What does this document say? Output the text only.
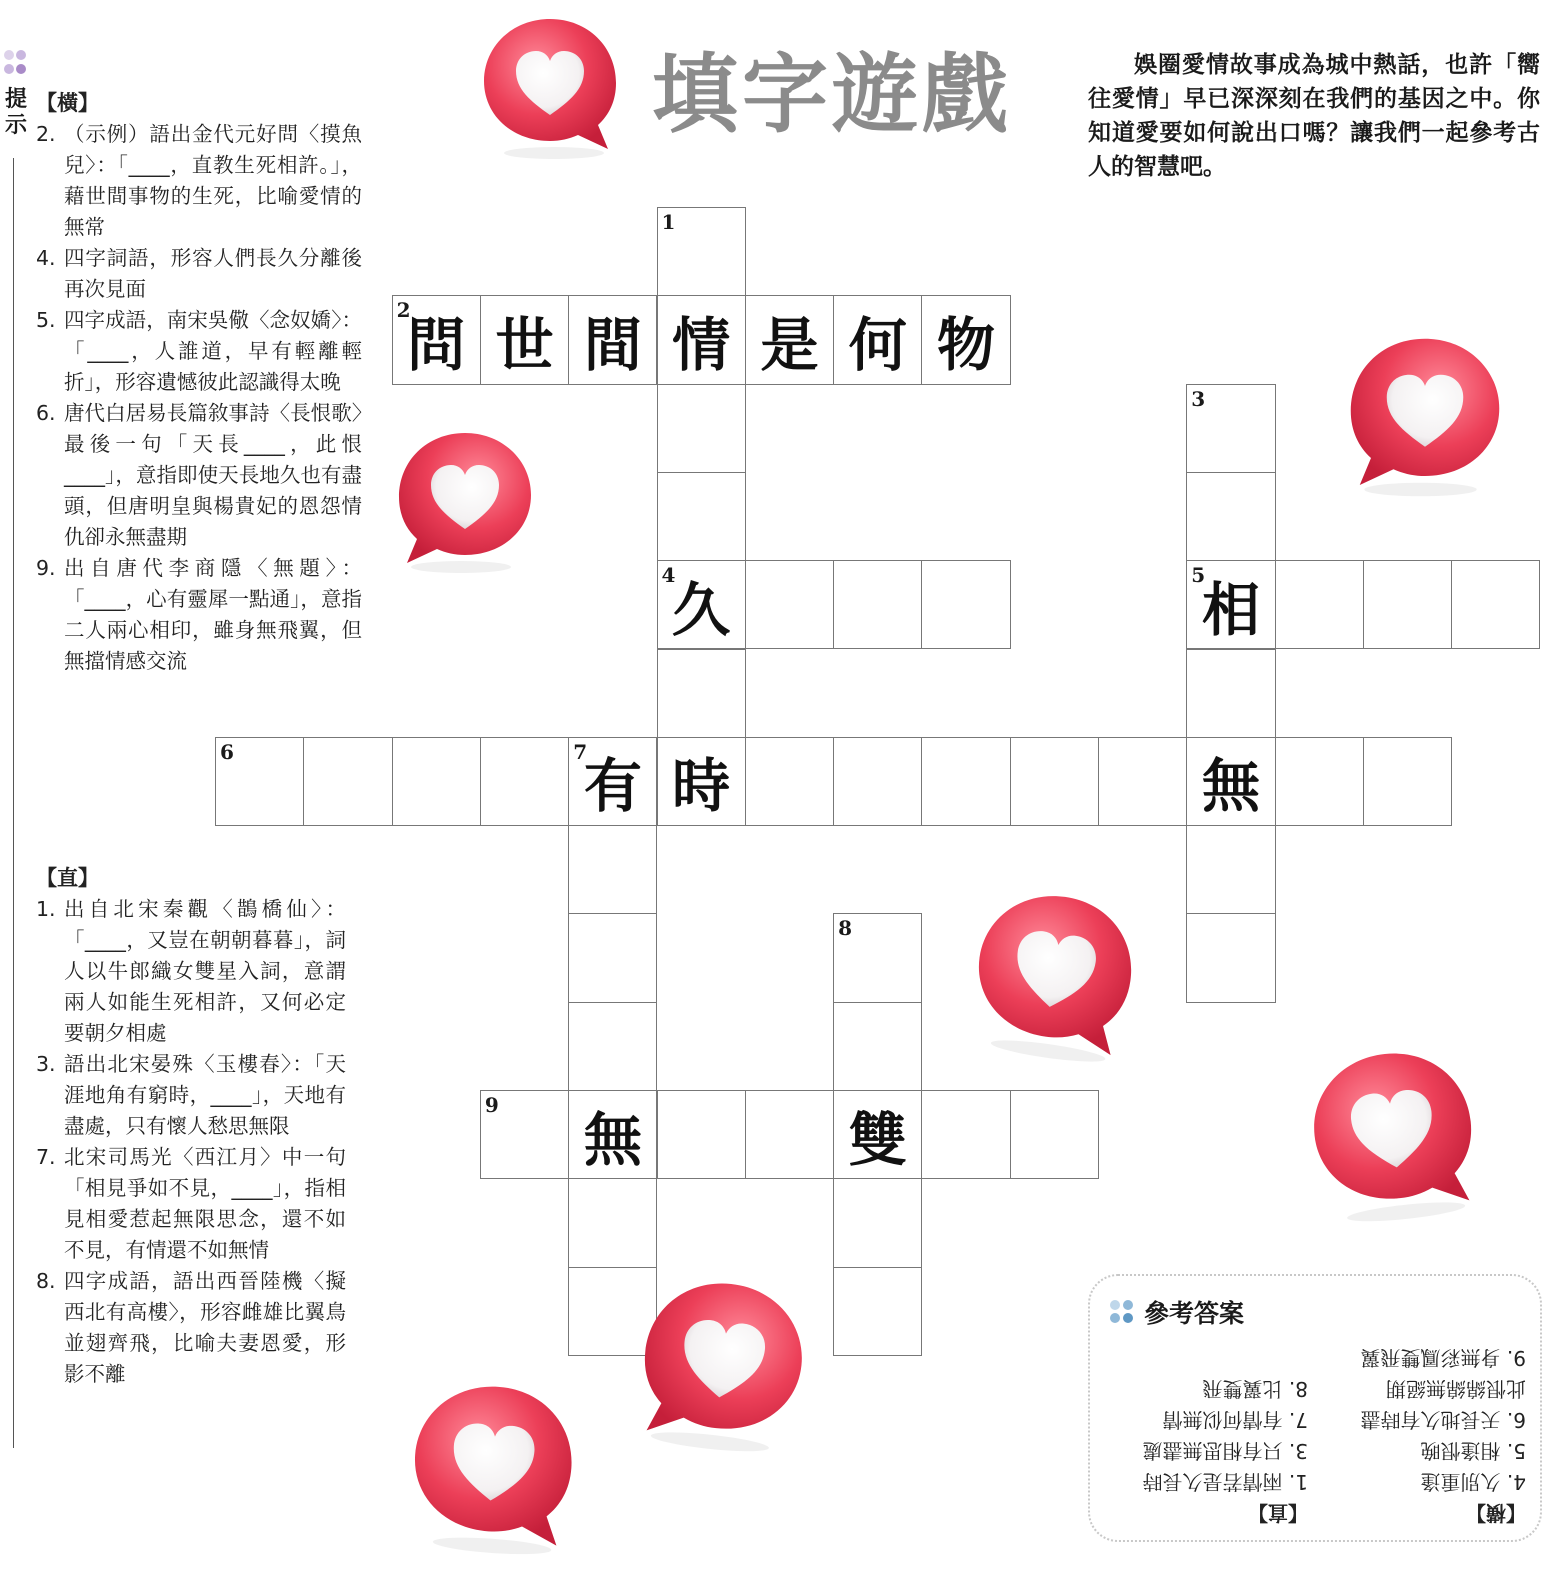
提示
【橫】
2. （示例）語出金代元好問〈摸魚兒〉：「____，直教生死相許。」，藉世間事物的生死，比喻愛情的無常
4. 四字詞語，形容人們長久分離後再次見面
5. 四字成語，南宋吳儆〈念奴嬌〉：「____，人誰道，早有輕離輕折」，形容遺憾彼此認識得太晚
6. 唐代白居易長篇敘事詩〈長恨歌〉最後一句「天長____，此恨____」，意指即使天長地久也有盡頭，但唐明皇與楊貴妃的恩怨情仇卻永無盡期
9. 出自唐代李商隱〈無題〉：「____，心有靈犀一點通」，意指二人兩心相印，雖身無飛翼，但無擋情感交流
【直】
1. 出自北宋秦觀〈鵲橋仙〉：「____，又豈在朝朝暮暮」，詞人以牛郎織女雙星入詞，意謂兩人如能生死相許，又何必定要朝夕相處
3. 語出北宋晏殊〈玉樓春〉：「天涯地角有窮時，____」，天地有盡處，只有懷人愁思無限
7. 北宋司馬光〈西江月〉中一句「相見爭如不見，____」，指相見相愛惹起無限思念，還不如不見，有情還不如無情
8. 四字成語，語出西晉陸機〈擬西北有高樓〉，形容雌雄比翼鳥並翅齊飛，比喻夫妻恩愛，形影不離
填字遊戲	娛圈愛情故事成為城中熱話，也許「嚮往愛情」早已深深刻在我們的基因之中。你知道愛要如何說出口嗎？讓我們一起參考古人的智慧吧。
2
問 世 間 情 是 何 物
4
久
5
相
6	7
有 時	無
9
無	雙
1
3
8
參考答案
【橫】
4. 久別重逢
5. 相逢恨晚
6. 天長地久有時盡
此恨綿綿無絕期
9. 身無彩鳳雙飛翼
【直】
1. 兩情若是久長時
3. 只有相思無盡處
7. 有情何似無情
8. 比翼雙飛
